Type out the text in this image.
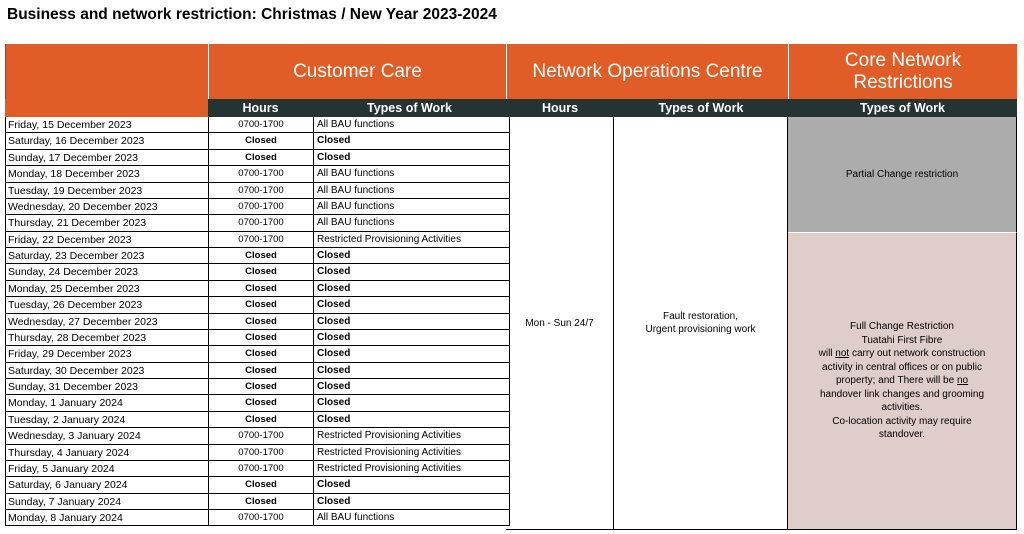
Business and network restriction: Christmas / New Year 2023-2024
Customer Care	Network Operations Centre
Core Network
Restrictions
Hours	Types of Work	Hours	Types of Work	Types of Work
Friday, 15 December 2023	0700-1700	All BAU functions
Saturday, 16 December 2023	Closed	Closed
Sunday, 17 December 2023	Closed	Closed
Monday, 18 December 2023	0700-1700	All BAU functions
Tuesday, 19 December 2023	0700-1700	All BAU functions
Wednesday, 20 December 2023	0700-1700	All BAU functions
Thursday, 21 December 2023	0700-1700	All BAU functions
Friday, 22 December 2023	0700-1700	Restricted Provisioning Activities
Saturday, 23 December 2023	Closed	Closed
Sunday, 24 December 2023	Closed	Closed
Monday, 25 December 2023	Closed	Closed
Tuesday, 26 December 2023	Closed	Closed
Wednesday, 27 December 2023	Closed	Closed
Thursday, 28 December 2023	Closed	Closed
Friday, 29 December 2023	Closed	Closed
Saturday, 30 December 2023	Closed	Closed
Sunday, 31 December 2023	Closed	Closed
Monday, 1 January 2024	Closed	Closed
Tuesday, 2 January 2024	Closed	Closed
Wednesday, 3 January 2024	0700-1700	Restricted Provisioning Activities
Thursday, 4 January 2024	0700-1700	Restricted Provisioning Activities
Friday, 5 January 2024	0700-1700	Restricted Provisioning Activities
Saturday, 6 January 2024	Closed	Closed
Sunday, 7 January 2024	Closed	Closed
Monday, 8 January 2024	0700-1700	All BAU functions
Mon - Sun 24/7
Fault restoration,
Urgent provisioning work
Partial Change restriction
Full Change Restriction
Tuatahi First Fibre
will not carry out network construction activity in central offices or on public property; and There will be no handover link changes and grooming activities.
Co-location activity may require standover.
